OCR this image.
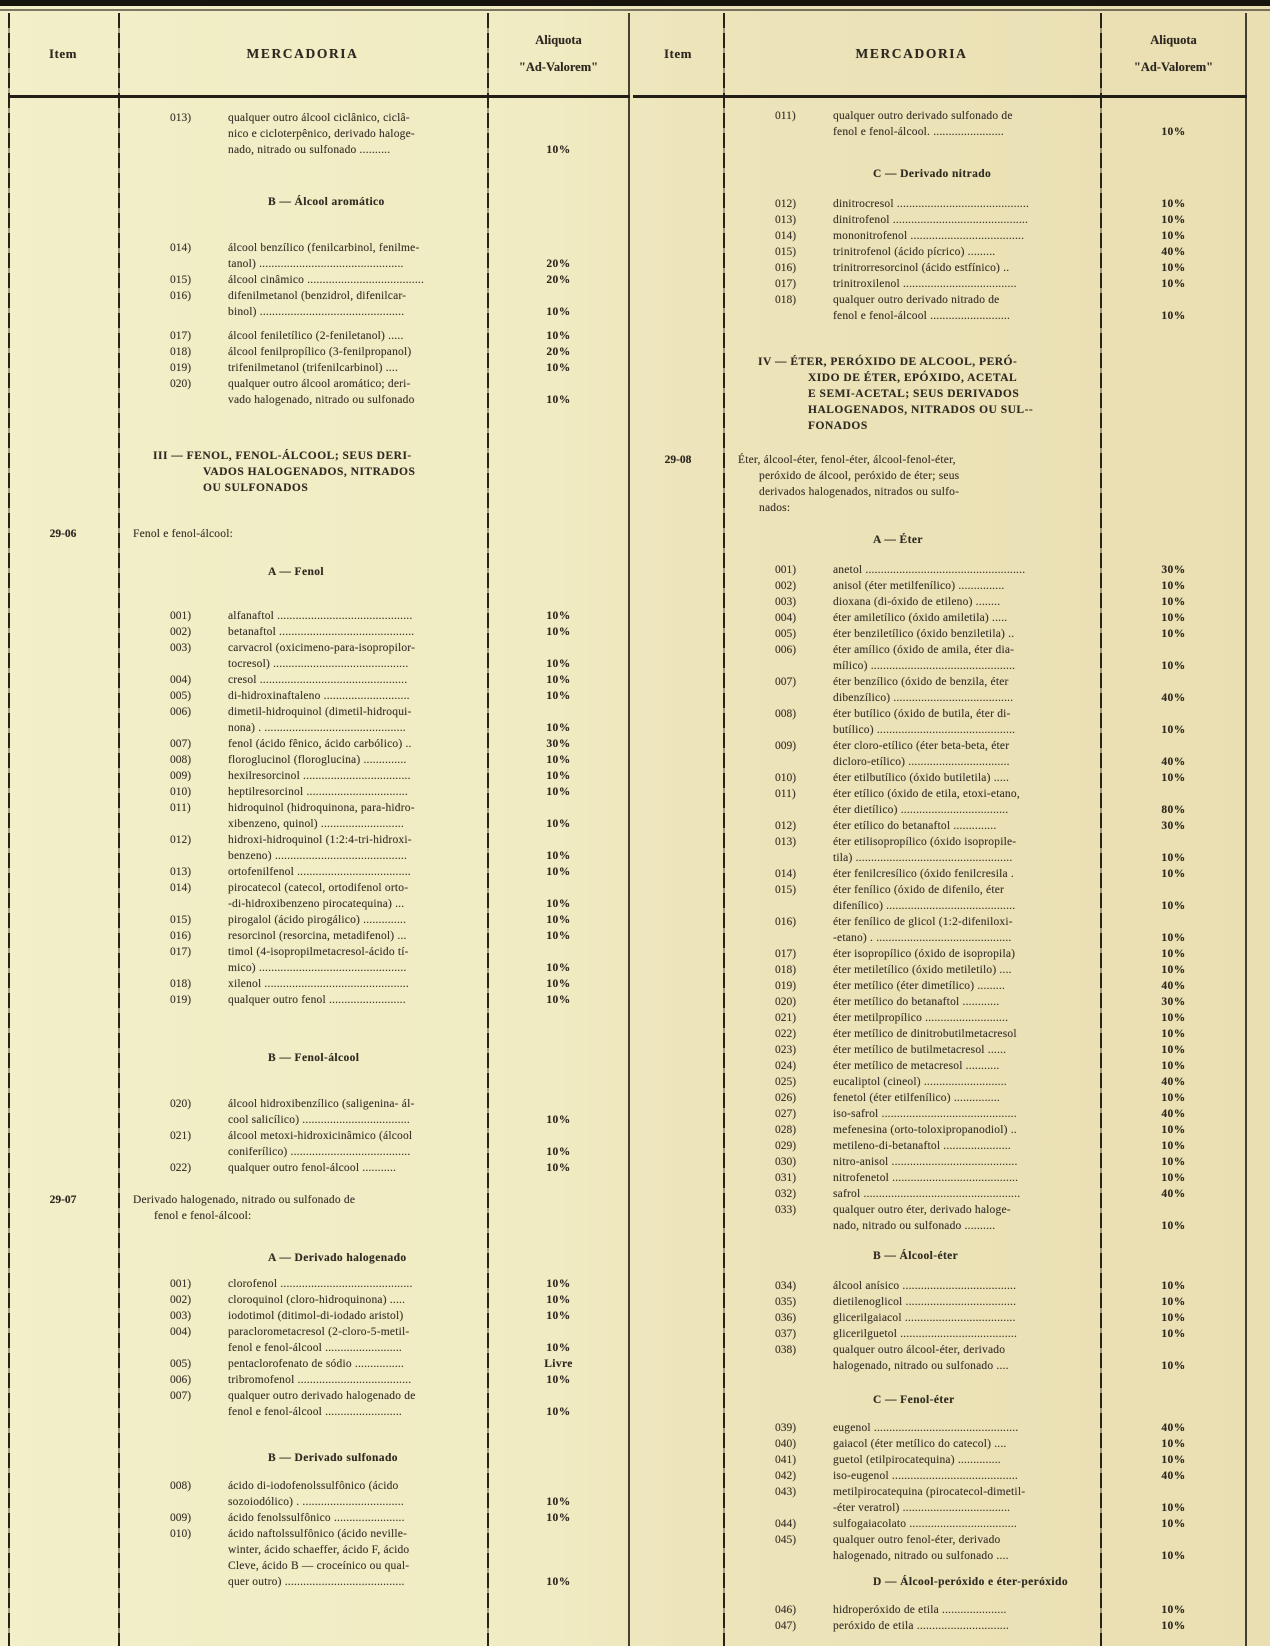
Item	MERCADORIA
Aliquota
"Ad-Valorem"
013)	qualquer outro álcool ciclânico, ciclâ-
nico e cicloterpênico, derivado haloge-
nado, nitrado ou sulfonado ..........	10%
B — Álcool aromático
014)	álcool benzílico (fenilcarbinol, fenilme-
tanol) ...............................................	20%
015)	álcool cinâmico ......................................	20%
016)	difenilmetanol (benzidrol, difenilcar-
binol) ...............................................	10%
017)	álcool feniletílico (2-feniletanol) .....	10%
018)	álcool fenilpropílico (3-fenilpropanol)	20%
019)	trifenilmetanol (trifenilcarbinol) ....	10%
020)	qualquer outro álcool aromático; deri-
vado halogenado, nitrado ou sulfonado	10%
III — FENOL, FENOL-ÁLCOOL; SEUS DERI-
VADOS HALOGENADOS, NITRADOS
OU SULFONADOS
29-06	Fenol e fenol-álcool:
A — Fenol
001)	alfanaftol ............................................	10%
002)	betanaftol ............................................	10%
003)	carvacrol (oxicimeno-para-isopropilor-
tocresol) ............................................	10%
004)	cresol ................................................	10%
005)	di-hidroxinaftaleno ............................	10%
006)	dimetil-hidroquinol (dimetil-hidroqui-
nona) . ..............................................	10%
007)	fenol (ácido fênico, ácido carbólico) ..	30%
008)	floroglucinol (floroglucina) ..............	10%
009)	hexilresorcinol ...................................	10%
010)	heptilresorcinol .................................	10%
011)	hidroquinol (hidroquinona, para-hidro-
xibenzeno, quinol) ...........................	10%
012)	hidroxi-hidroquinol (1:2:4-tri-hidroxi-
benzeno) ...........................................	10%
013)	ortofenilfenol .....................................	10%
014)	pirocatecol (catecol, ortodifenol orto-
-di-hidroxibenzeno pirocatequina) ...	10%
015)	pirogalol (ácido pirogálico) ..............	10%
016)	resorcinol (resorcina, metadifenol) ...	10%
017)	timol (4-isopropilmetacresol-ácido tí-
mico) ................................................	10%
018)	xilenol ...............................................	10%
019)	qualquer outro fenol .........................	10%
B — Fenol-álcool
020)	álcool hidroxibenzílico (saligenina- ál-
cool salicílico) ...................................	10%
021)	álcool metoxi-hidroxicinâmico (álcool
coniferílico) .......................................	10%
022)	qualquer outro fenol-álcool ...........	10%
29-07	Derivado halogenado, nitrado ou sulfonado de
fenol e fenol-álcool:
A — Derivado halogenado
001)	clorofenol ...........................................	10%
002)	cloroquinol (cloro-hidroquinona) .....	10%
003)	iodotimol (ditimol-di-iodado aristol)	10%
004)	paraclorometacresol (2-cloro-5-metil-
fenol e fenol-álcool .........................	10%
005)	pentaclorofenato de sódio ................	Livre
006)	tribromofenol .....................................	10%
007)	qualquer outro derivado halogenado de
fenol e fenol-álcool .........................	10%
B — Derivado sulfonado
008)	ácido di-iodofenolssulfônico (ácido
sozoiodólico) . .................................	10%
009)	ácido fenolssulfônico .......................	10%
010)	ácido naftolssulfônico (ácido neville-
winter, ácido schaeffer, ácido F, ácido
Cleve, ácido B — croceínico ou qual-
quer outro) .......................................	10%
Item	MERCADORIA
Aliquota
"Ad-Valorem"
011)	qualquer outro derivado sulfonado de
fenol e fenol-álcool. .......................	10%
C — Derivado nitrado
012)	dinitrocresol ...........................................	10%
013)	dinitrofenol ............................................	10%
014)	mononitrofenol .....................................	10%
015)	trinitrofenol (ácido pícrico) .........	40%
016)	trinitrorresorcinol (ácido estfínico) ..	10%
017)	trinitroxilenol .....................................	10%
018)	qualquer outro derivado nitrado de
fenol e fenol-álcool ..........................	10%
IV — ÉTER, PERÓXIDO DE ALCOOL, PERÓ-
XIDO DE ÉTER, EPÓXIDO, ACETAL
E SEMI-ACETAL; SEUS DERIVADOS
HALOGENADOS, NITRADOS OU SUL--
FONADOS
29-08	Éter, álcool-éter, fenol-éter, álcool-fenol-éter,
peróxido de álcool, peróxido de éter; seus
derivados halogenados, nitrados ou sulfo-
nados:
A — Éter
001)	anetol ....................................................	30%
002)	anisol (éter metilfenílico) ...............	10%
003)	dioxana (di-óxido de etileno) ........	10%
004)	éter amiletílico (óxido amiletila) .....	10%
005)	éter benziletílico (óxido benziletila) ..	10%
006)	éter amílico (óxido de amila, éter dia-
mílico) ...............................................	10%
007)	éter benzílico (óxido de benzila, éter
dibenzílico) .......................................	40%
008)	éter butílico (óxido de butila, éter di-
butílico) .............................................	10%
009)	éter cloro-etílico (éter beta-beta, éter
dicloro-etílico) .................................	40%
010)	éter etilbutílico (óxido butiletila) .....	10%
011)	éter etílico (óxido de etila, etoxi-etano,
éter dietílico) ...................................	80%
012)	éter etílico do betanaftol ..............	30%
013)	éter etilisopropílico (óxido isopropile-
tila) ...................................................	10%
014)	éter fenilcresílico (óxido fenilcresila .	10%
015)	éter fenílico (óxido de difenilo, éter
difenílico) ..........................................	10%
016)	éter fenílico de glicol (1:2-difeniloxi-
-etano) . ............................................	10%
017)	éter isopropílico (óxido de isopropila)	10%
018)	éter metiletílico (óxido metiletilo) ....	10%
019)	éter metílico (éter dimetílico) .........	40%
020)	éter metílico do betanaftol ............	30%
021)	éter metilpropílico ...........................	10%
022)	éter metílico de dinitrobutilmetacresol	10%
023)	éter metílico de butilmetacresol ......	10%
024)	éter metílico de metacresol ...........	10%
025)	eucaliptol (cineol) ...........................	40%
026)	fenetol (éter etilfenílico) ...............	10%
027)	iso-safrol ............................................	40%
028)	mefenesina (orto-toloxipropanodiol) ..	10%
029)	metileno-di-betanaftol ......................	10%
030)	nitro-anisol .........................................	10%
031)	nitrofenetol .........................................	10%
032)	safrol ...................................................	40%
033)	qualquer outro éter, derivado haloge-
nado, nitrado ou sulfonado ..........	10%
B — Álcool-éter
034)	álcool anísico .....................................	10%
035)	dietilenoglicol ....................................	10%
036)	glicerilgaiacol ....................................	10%
037)	glicerilguetol ......................................	10%
038)	qualquer outro álcool-éter, derivado
halogenado, nitrado ou sulfonado ....	10%
C — Fenol-éter
039)	eugenol ...............................................	40%
040)	gaiacol (éter metílico do catecol) ....	10%
041)	guetol (etilpirocatequina) ..............	10%
042)	iso-eugenol .........................................	40%
043)	metilpirocatequina (pirocatecol-dimetil-
-éter veratrol) ...................................	10%
044)	sulfogaiacolato ...................................	10%
045)	qualquer outro fenol-éter, derivado
halogenado, nitrado ou sulfonado ....	10%
D — Álcool-peróxido e éter-peróxido
046)	hidroperóxido de etila .....................	10%
047)	peróxido de etila ..............................	10%
